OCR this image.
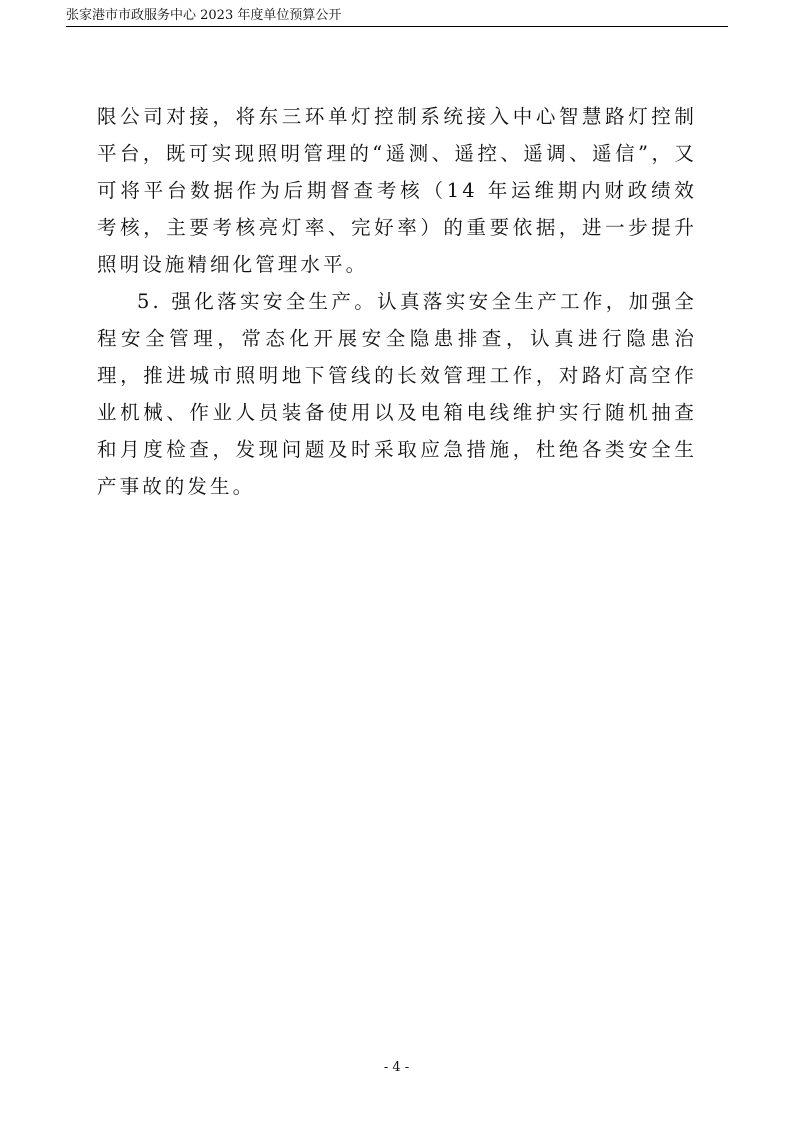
张家港市市政服务中心 2023 年度单位预算公开

限公司对接，将东三环单灯控制系统接入中心智慧路灯控制平台，既可实现照明管理的“遥测、遥控、遥调、遥信”，又可将平台数据作为后期督查考核（14 年运维期内财政绩效考核，主要考核亮灯率、完好率）的重要依据，进一步提升照明设施精细化管理水平。

5. 强化落实安全生产。认真落实安全生产工作，加强全程安全管理，常态化开展安全隐患排查，认真进行隐患治理，推进城市照明地下管线的长效管理工作，对路灯高空作业机械、作业人员装备使用以及电箱电线维护实行随机抽查和月度检查，发现问题及时采取应急措施，杜绝各类安全生产事故的发生。

- 4 -
